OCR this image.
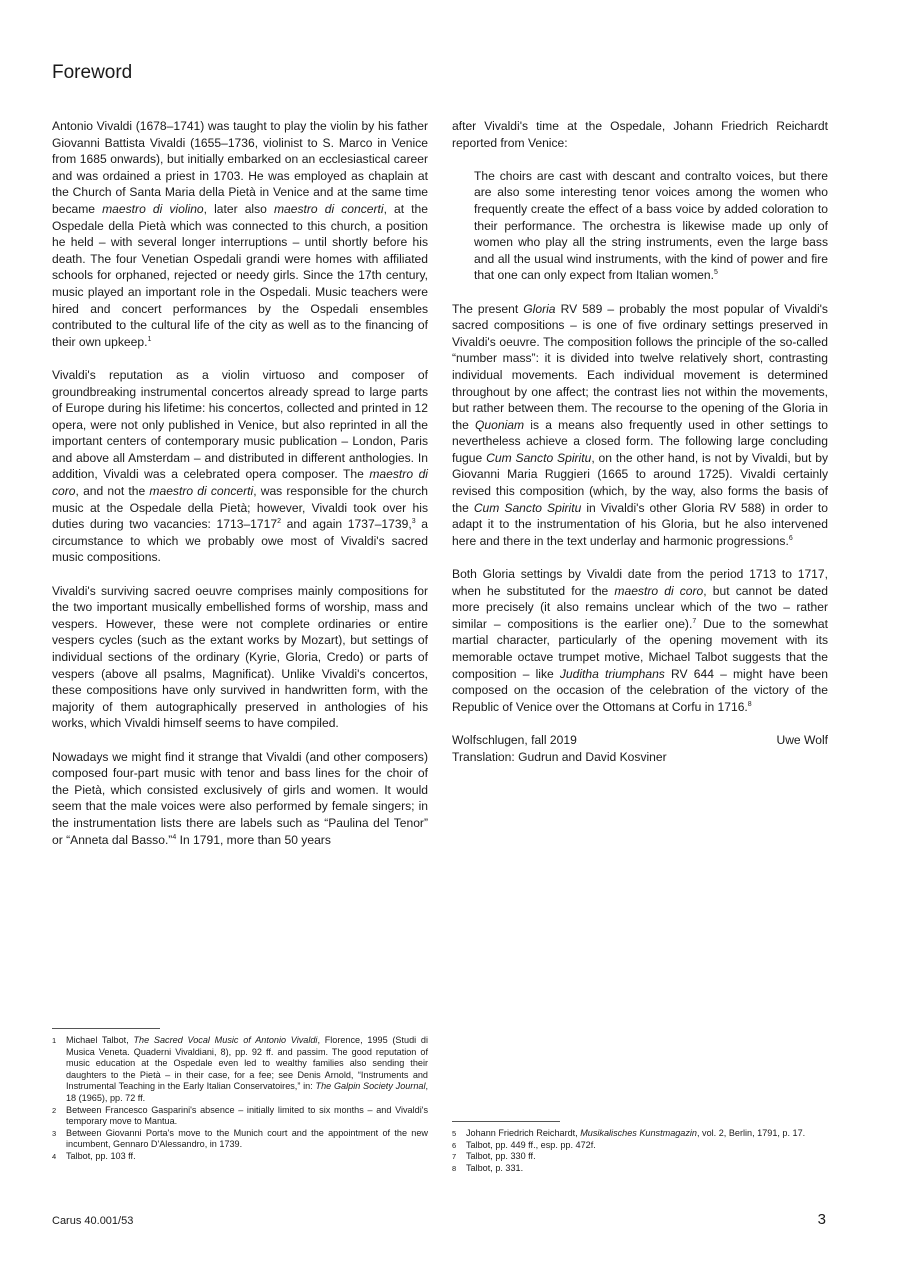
Foreword

Antonio Vivaldi (1678–1741) was taught to play the violin by his father Giovanni Battista Vivaldi (1655–1736, violinist to S. Marco in Venice from 1685 onwards), but initially embarked on an ecclesiastical career and was ordained a priest in 1703. He was employed as chaplain at the Church of Santa Maria della Pietà in Venice and at the same time became maestro di violino, later also maestro di concerti, at the Ospedale della Pietà which was connected to this church, a position he held – with several longer interruptions – until shortly before his death. The four Venetian Ospedali grandi were homes with affiliated schools for orphaned, rejected or needy girls. Since the 17th century, music played an important role in the Ospedali. Music teachers were hired and concert performances by the Ospedali ensembles contributed to the cultural life of the city as well as to the financing of their own upkeep.$^1$

Vivaldi's reputation as a violin virtuoso and composer of groundbreaking instrumental concertos already spread to large parts of Europe during his lifetime: his concertos, collected and printed in 12 opera, were not only published in Venice, but also reprinted in all the important centers of contemporary music publication – London, Paris and above all Amsterdam – and distributed in different anthologies. In addition, Vivaldi was a celebrated opera composer. The maestro di coro, and not the maestro di concerti, was responsible for the church music at the Ospedale della Pietà; however, Vivaldi took over his duties during two vacancies: 1713–1717$^2$ and again 1737–1739,$^3$ a circumstance to which we probably owe most of Vivaldi's sacred music compositions.

Vivaldi's surviving sacred oeuvre comprises mainly compositions for the two important musically embellished forms of worship, mass and vespers. However, these were not complete ordinaries or entire vespers cycles (such as the extant works by Mozart), but settings of individual sections of the ordinary (Kyrie, Gloria, Credo) or parts of vespers (above all psalms, Magnificat). Unlike Vivaldi's concertos, these compositions have only survived in handwritten form, with the majority of them autographically preserved in anthologies of his works, which Vivaldi himself seems to have compiled.

Nowadays we might find it strange that Vivaldi (and other composers) composed four-part music with tenor and bass lines for the choir of the Pietà, which consisted exclusively of girls and women. It would seem that the male voices were also performed by female singers; in the instrumentation lists there are labels such as “Paulina del Tenor” or “Anneta dal Basso.”$^4$ In 1791, more than 50 years

after Vivaldi's time at the Ospedale, Johann Friedrich Reichardt reported from Venice:

The choirs are cast with descant and contralto voices, but there are also some interesting tenor voices among the women who frequently create the effect of a bass voice by added coloration to their performance. The orchestra is likewise made up only of women who play all the string instruments, even the large bass and all the usual wind instruments, with the kind of power and fire that one can only expect from Italian women.$^5$

The present Gloria RV 589 – probably the most popular of Vivaldi's sacred compositions – is one of five ordinary settings preserved in Vivaldi's oeuvre. The composition follows the principle of the so-called “number mass”: it is divided into twelve relatively short, contrasting individual movements. Each individual movement is determined throughout by one affect; the contrast lies not within the movements, but rather between them. The recourse to the opening of the Gloria in the Quoniam is a means also frequently used in other settings to nevertheless achieve a closed form. The following large concluding fugue Cum Sancto Spiritu, on the other hand, is not by Vivaldi, but by Giovanni Maria Ruggieri (1665 to around 1725). Vivaldi certainly revised this composition (which, by the way, also forms the basis of the Cum Sancto Spiritu in Vivaldi's other Gloria RV 588) in order to adapt it to the instrumentation of his Gloria, but he also intervened here and there in the text underlay and harmonic progressions.$^6$

Both Gloria settings by Vivaldi date from the period 1713 to 1717, when he substituted for the maestro di coro, but cannot be dated more precisely (it also remains unclear which of the two – rather similar – compositions is the earlier one).$^7$ Due to the somewhat martial character, particularly of the opening movement with its memorable octave trumpet motive, Michael Talbot suggests that the composition – like Juditha triumphans RV 644 – might have been composed on the occasion of the celebration of the victory of the Republic of Venice over the Ottomans at Corfu in 1716.$^8$

Wolfschlugen, fall 2019	Uwe Wolf

Translation: Gudrun and David Kosviner

1	Michael Talbot, The Sacred Vocal Music of Antonio Vivaldi, Florence, 1995 (Studi di Musica Veneta. Quaderni Vivaldiani, 8), pp. 92 ff. and passim. The good reputation of music education at the Ospedale even led to wealthy families also sending their daughters to the Pietà – in their case, for a fee; see Denis Arnold, “Instruments and Instrumental Teaching in the Early Italian Conservatoires,” in: The Galpin Society Journal, 18 (1965), pp. 72 ff.
2	Between Francesco Gasparini's absence – initially limited to six months – and Vivaldi's temporary move to Mantua.
3	Between Giovanni Porta's move to the Munich court and the appointment of the new incumbent, Gennaro D'Alessandro, in 1739.
4	Talbot, pp. 103 ff.
5	Johann Friedrich Reichardt, Musikalisches Kunstmagazin, vol. 2, Berlin, 1791, p. 17.
6	Talbot, pp. 449 ff., esp. pp. 472f.
7	Talbot, pp. 330 ff.
8	Talbot, p. 331.
Carus 40.001/53	3
